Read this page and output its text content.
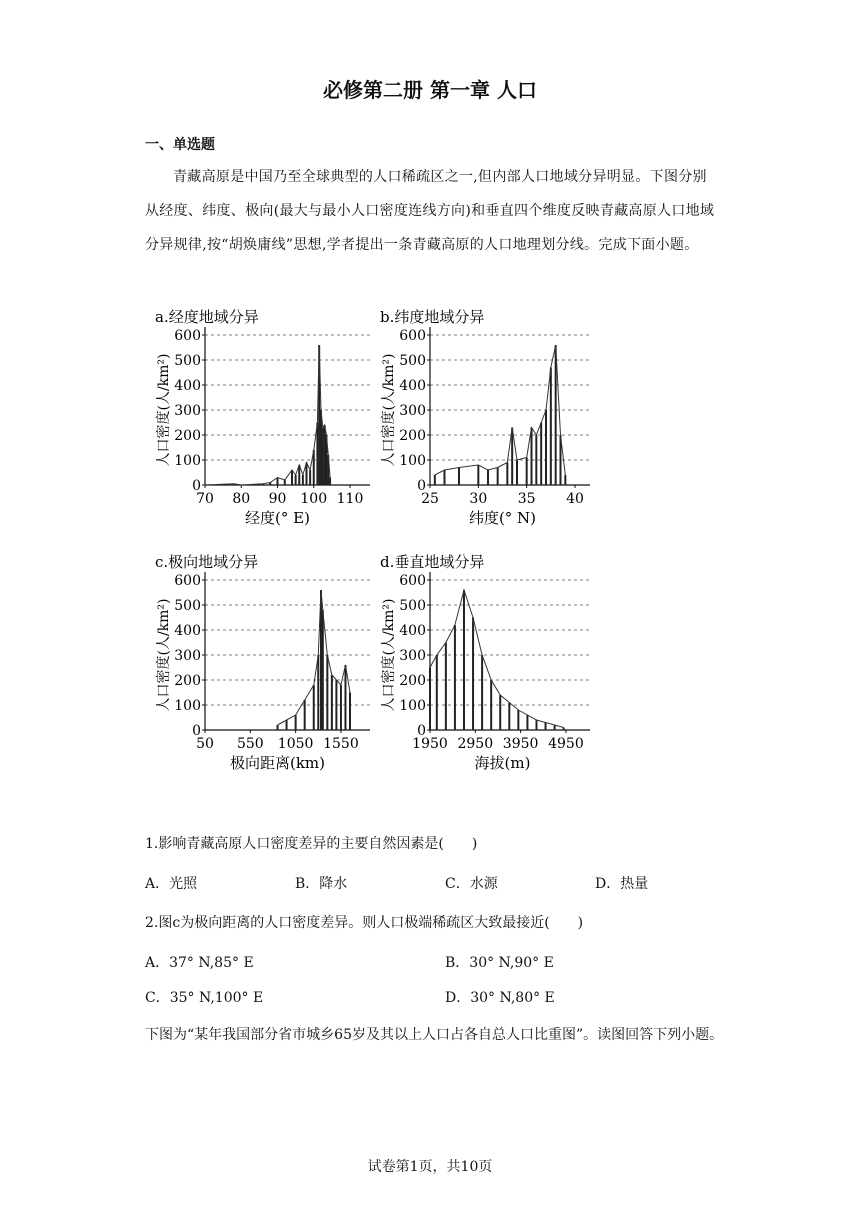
必修第二册 第一章 人口
一、单选题
青藏高原是中国乃至全球典型的人口稀疏区之一,但内部人口地域分异明显。下图分别从经度、纬度、极向(最大与最小人口密度连线方向)和垂直四个维度反映青藏高原人口地域分异规律,按“胡焕庸线”思想,学者提出一条青藏高原的人口地理划分线。完成下面小题。
a.经度地域分异
0
100
200
300
400
500
600
70 80 90 100 110
经度(° E)
人口密度(人/km²)
b.纬度地域分异
0
100
200
300
400
500
600
25 30 35 40
纬度(° N)
人口密度(人/km²)
c.极向地域分异
0
100
200
300
400
500
600
50 550 1050 1550
极向距离(km)
人口密度(人/km²)
d.垂直地域分异
0
100
200
300
400
500
600
1950 2950 3950 4950
海拔(m)
人口密度(人/km²)
1.影响青藏高原人口密度差异的主要自然因素是(　　)
A．光照	B．降水	C．水源	D．热量
2.图c为极向距离的人口密度差异。则人口极端稀疏区大致最接近(　　)
A．37° N,85° E	B．30° N,90° E
C．35° N,100° E	D．30° N,80° E
下图为“某年我国部分省市城乡65岁及其以上人口占各自总人口比重图”。读图回答下列小题。
试卷第1页，共10页
